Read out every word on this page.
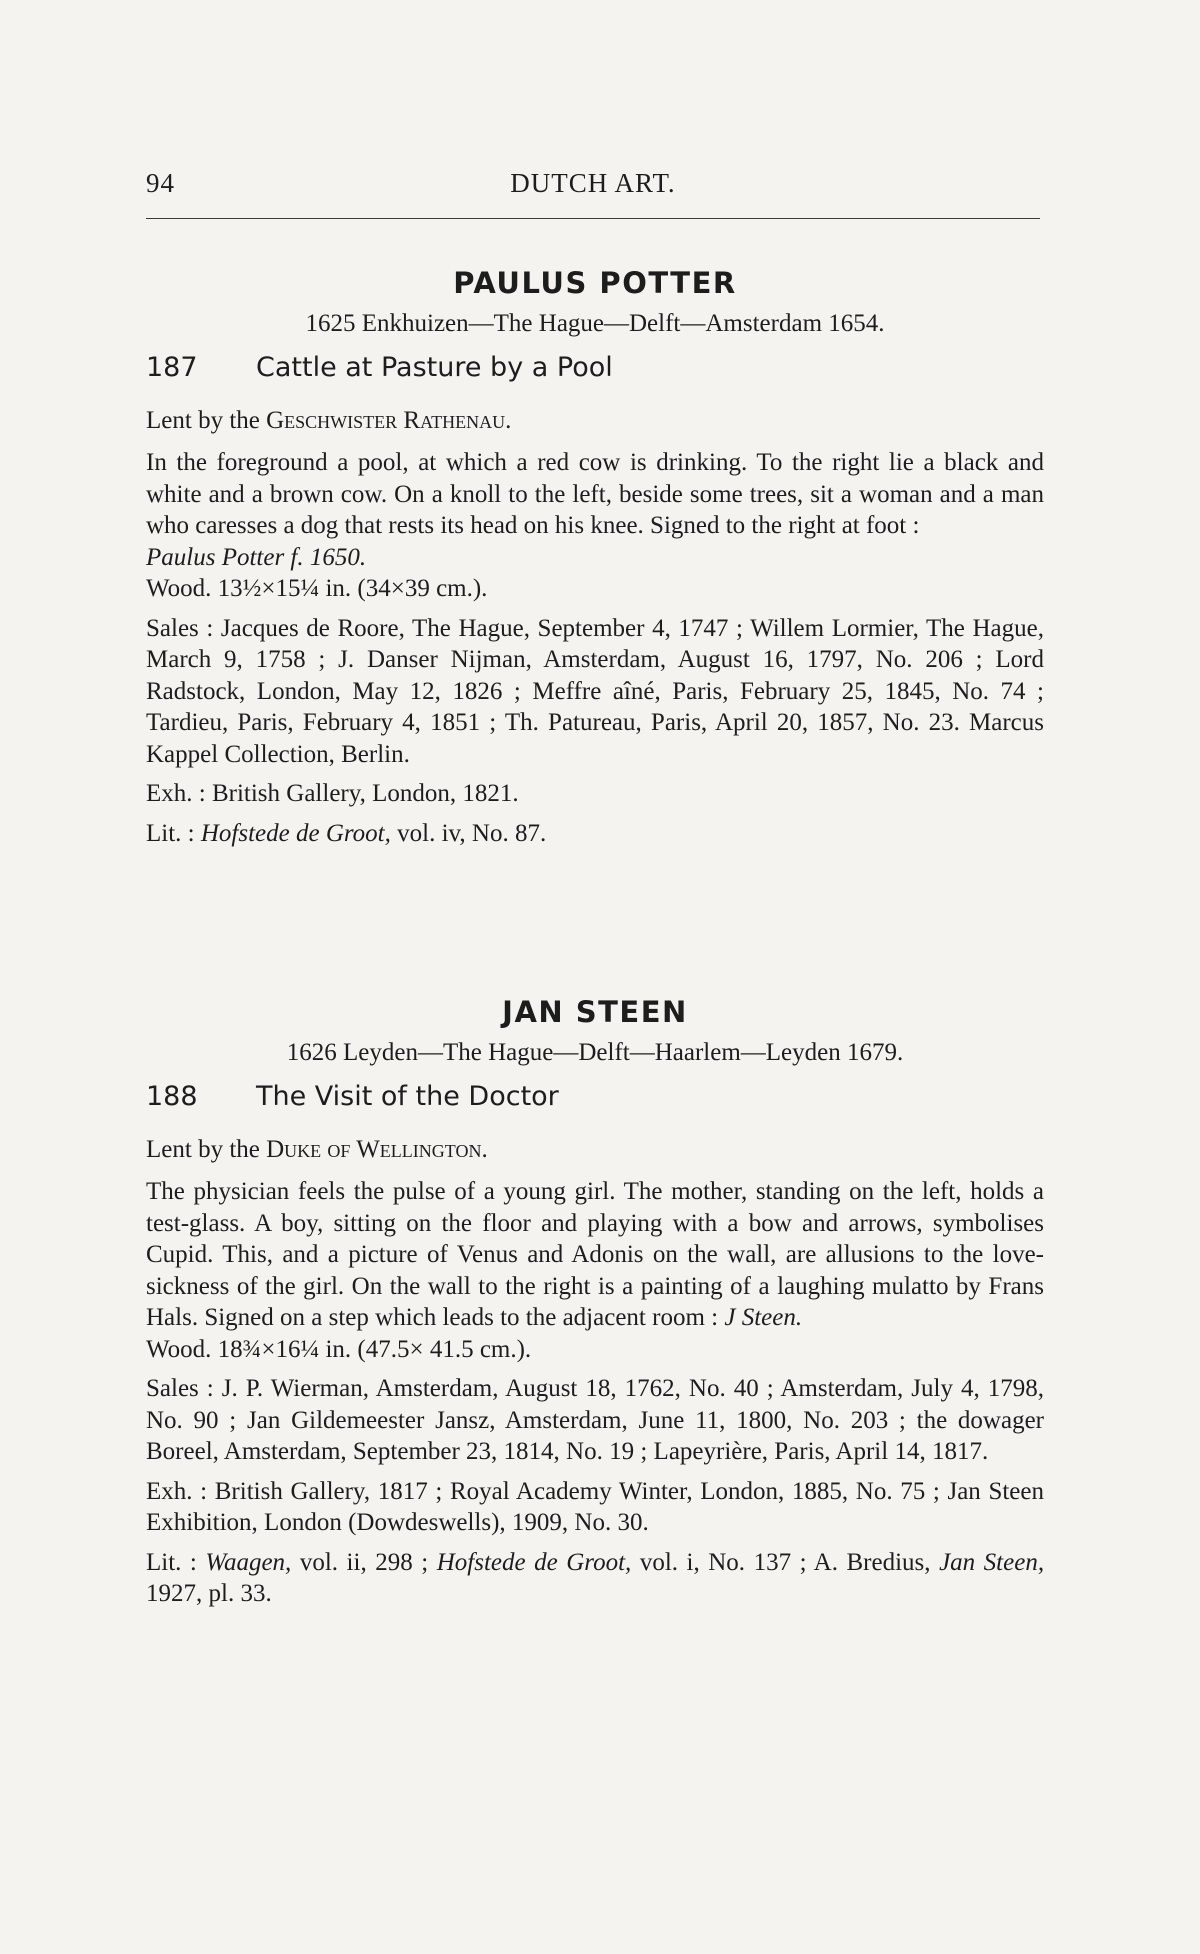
94	DUTCH ART.
PAULUS POTTER
1625 Enkhuizen—The Hague—Delft—Amsterdam 1654.
187	Cattle at Pasture by a Pool
Lent by the Geschwister Rathenau.

In the foreground a pool, at which a red cow is drinking. To the right lie a black and white and a brown cow. On a knoll to the left, beside some trees, sit a woman and a man who caresses a dog that rests its head on his knee. Signed to the right at foot :

Paulus Potter f. 1650.

Wood. 13½×15¼ in. (34×39 cm.).

Sales : Jacques de Roore, The Hague, September 4, 1747 ; Willem Lormier, The Hague, March 9, 1758 ; J. Danser Nijman, Amsterdam, August 16, 1797, No. 206 ; Lord Radstock, London, May 12, 1826 ; Meffre aîné, Paris, February 25, 1845, No. 74 ; Tardieu, Paris, February 4, 1851 ; Th. Patureau, Paris, April 20, 1857, No. 23. Marcus Kappel Collection, Berlin.

Exh. : British Gallery, London, 1821.

Lit. : Hofstede de Groot, vol. iv, No. 87.

JAN STEEN
1626 Leyden—The Hague—Delft—Haarlem—Leyden 1679.
188	The Visit of the Doctor
Lent by the Duke of Wellington.

The physician feels the pulse of a young girl. The mother, standing on the left, holds a test-glass. A boy, sitting on the floor and playing with a bow and arrows, symbolises Cupid. This, and a picture of Venus and Adonis on the wall, are allusions to the love-sickness of the girl. On the wall to the right is a painting of a laughing mulatto by Frans Hals. Signed on a step which leads to the adjacent room : J Steen.

Wood. 18¾×16¼ in. (47.5× 41.5 cm.).

Sales : J. P. Wierman, Amsterdam, August 18, 1762, No. 40 ; Amsterdam, July 4, 1798, No. 90 ; Jan Gildemeester Jansz, Amsterdam, June 11, 1800, No. 203 ; the dowager Boreel, Amsterdam, September 23, 1814, No. 19 ; Lapeyrière, Paris, April 14, 1817.

Exh. : British Gallery, 1817 ; Royal Academy Winter, London, 1885, No. 75 ; Jan Steen Exhibition, London (Dowdeswells), 1909, No. 30.

Lit. : Waagen, vol. ii, 298 ; Hofstede de Groot, vol. i, No. 137 ; A. Bredius, Jan Steen, 1927, pl. 33.
